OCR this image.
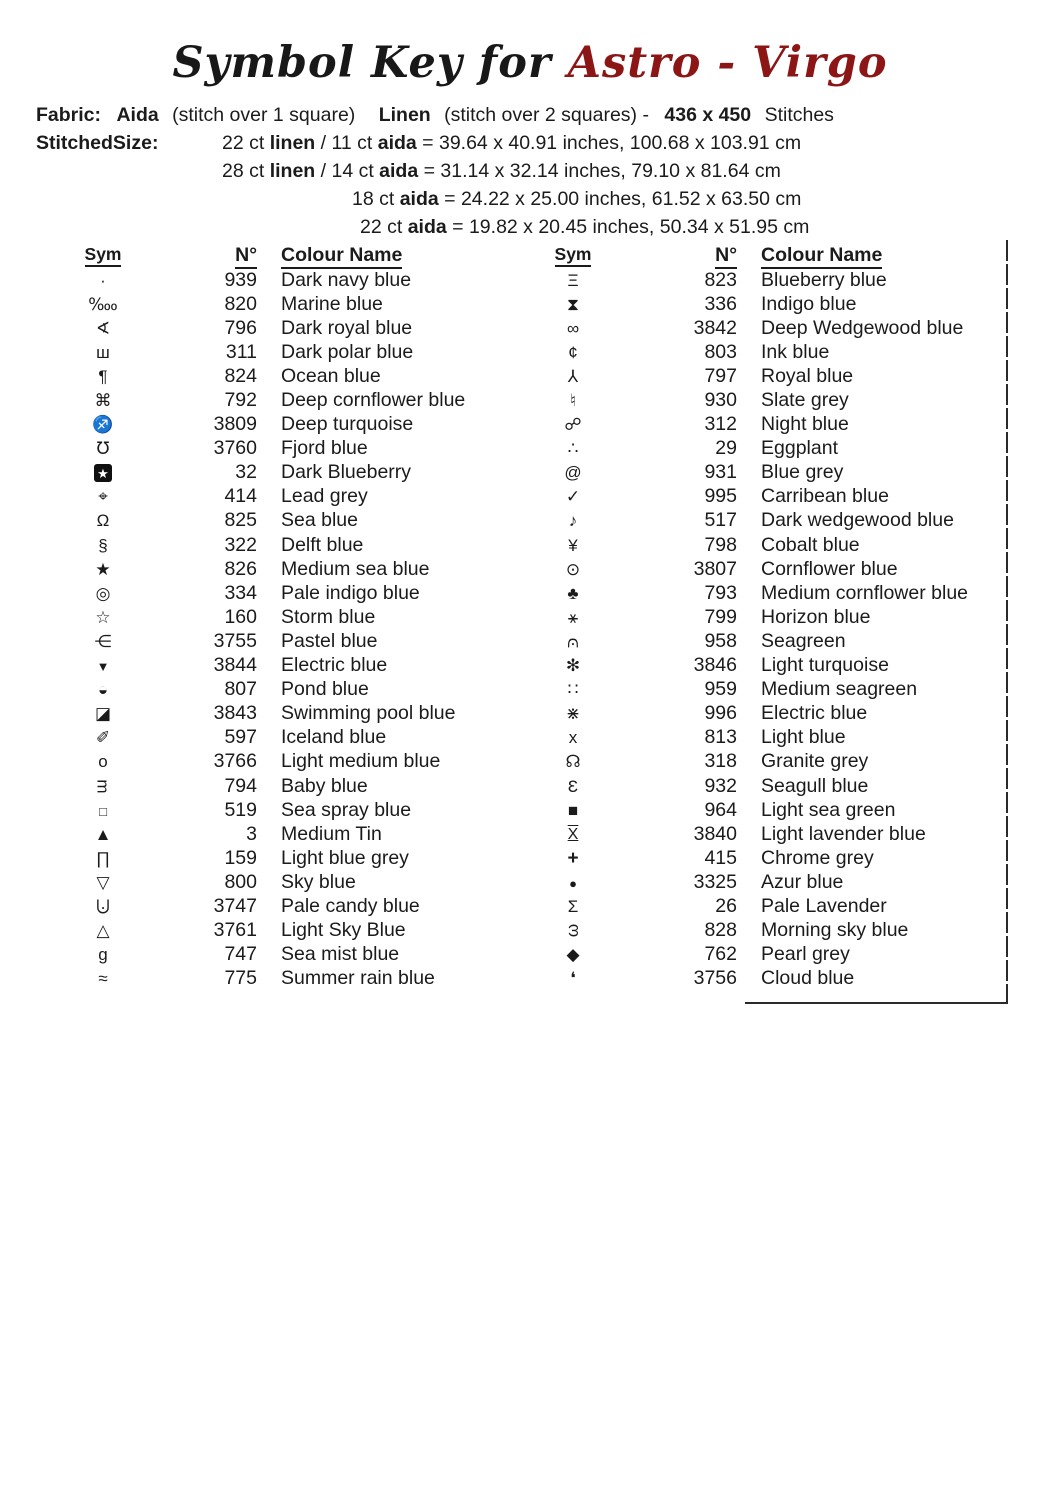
Symbol Key for Astro - Virgo
Fabric: Aida (stitch over 1 square) Linen (stitch over 2 squares) - 436 x 450 Stitches
StitchedSize:	22 ct linen / 11 ct aida = 39.64 x 40.91 inches, 100.68 x 103.91 cm
28 ct linen / 14 ct aida = 31.14 x 32.14 inches, 79.10 x 81.64 cm
18 ct aida = 24.22 x 25.00 inches, 61.52 x 63.50 cm
22 ct aida = 19.82 x 20.45 inches, 50.34 x 51.95 cm
Sym	N°	Colour Name
·	939	Dark navy blue
‱	820	Marine blue
∢	796	Dark royal blue
ш	311	Dark polar blue
¶	824	Ocean blue
⌘	792	Deep cornflower blue
♐	3809	Deep turquoise
℧	3760	Fjord blue
★	32	Dark Blueberry
⌖	414	Lead grey
Ω	825	Sea blue
§	322	Delft blue
★	826	Medium sea blue
◎	334	Pale indigo blue
☆	160	Storm blue
⋲	3755	Pastel blue
▼	3844	Electric blue
◒	807	Pond blue
◪	3843	Swimming pool blue
✐	597	Iceland blue
o	3766	Light medium blue
m	794	Baby blue
□	519	Sea spray blue
▲	3	Medium Tin
∏	159	Light blue grey
▽	800	Sky blue
⨃	3747	Pale candy blue
△	3761	Light Sky Blue
g	747	Sea mist blue
≈	775	Summer rain blue
Sym	N°	Colour Name
Ξ	823	Blueberry blue
⧗	336	Indigo blue
∞	3842	Deep Wedgewood blue
¢	803	Ink blue
⅄	797	Royal blue
♮	930	Slate grey
☍	312	Night blue
∴	29	Eggplant
@	931	Blue grey
✓	995	Carribean blue
♪	517	Dark wedgewood blue
¥	798	Cobalt blue
⊙	3807	Cornflower blue
♣	793	Medium cornflower blue
⚹	799	Horizon blue
⩀	958	Seagreen
✻	3846	Light turquoise
∷	959	Medium seagreen
⋇	996	Electric blue
x	813	Light blue
☊	318	Granite grey
Ɛ	932	Seagull blue
■	964	Light sea green
X	3840	Light lavender blue
+	415	Chrome grey
●	3325	Azur blue
Σ	26	Pale Lavender
ω	828	Morning sky blue
◆	762	Pearl grey
❛	3756	Cloud blue
